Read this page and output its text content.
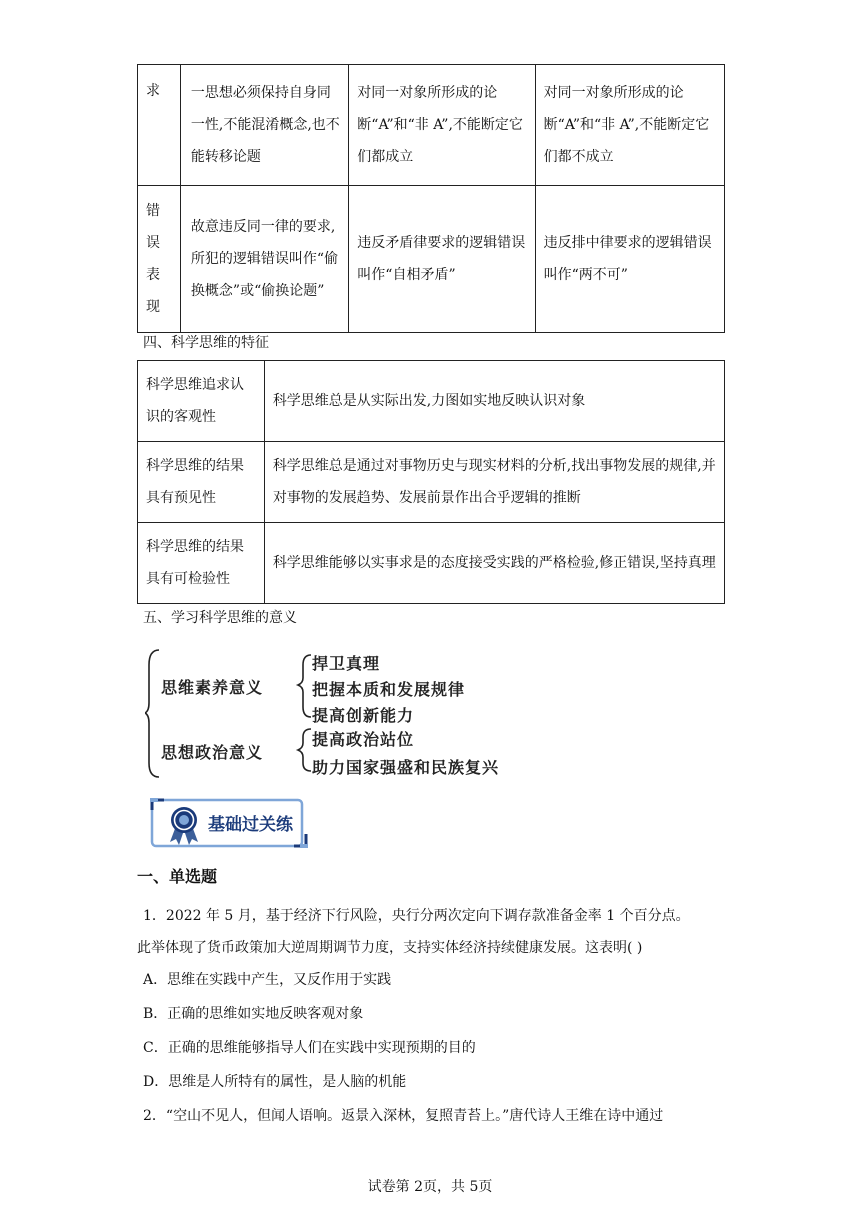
求	一思想必须保持自身同一性,不能混淆概念,也不能转移论题	对同一对象所形成的论断“A”和“非 A”,不能断定它们都成立	对同一对象所形成的论断“A”和“非 A”,不能断定它们都不成立
错误表现	故意违反同一律的要求,所犯的逻辑错误叫作“偷换概念”或“偷换论题”	违反矛盾律要求的逻辑错误叫作“自相矛盾”	违反排中律要求的逻辑错误叫作“两不可”
四、科学思维的特征
科学思维追求认识的客观性	科学思维总是从实际出发,力图如实地反映认识对象
科学思维的结果具有预见性	科学思维总是通过对事物历史与现实材料的分析,找出事物发展的规律,并对事物的发展趋势、发展前景作出合乎逻辑的推断
科学思维的结果具有可检验性	科学思维能够以实事求是的态度接受实践的严格检验,修正错误,坚持真理
五、学习科学思维的意义
思维素养意义
捍卫真理
把握本质和发展规律
提高创新能力
思想政治意义
提高政治站位
助力国家强盛和民族复兴
基础过关练
一、单选题
1．2022 年 5 月，基于经济下行风险，央行分两次定向下调存款准备金率 1 个百分点。
此举体现了货币政策加大逆周期调节力度，支持实体经济持续健康发展。这表明( )
A．思维在实践中产生，又反作用于实践
B．正确的思维如实地反映客观对象
C．正确的思维能够指导人们在实践中实现预期的目的
D．思维是人所特有的属性，是人脑的机能
2．“空山不见人，但闻人语响。返景入深林，复照青苔上。”唐代诗人王维在诗中通过
试卷第 2页，共 5页
